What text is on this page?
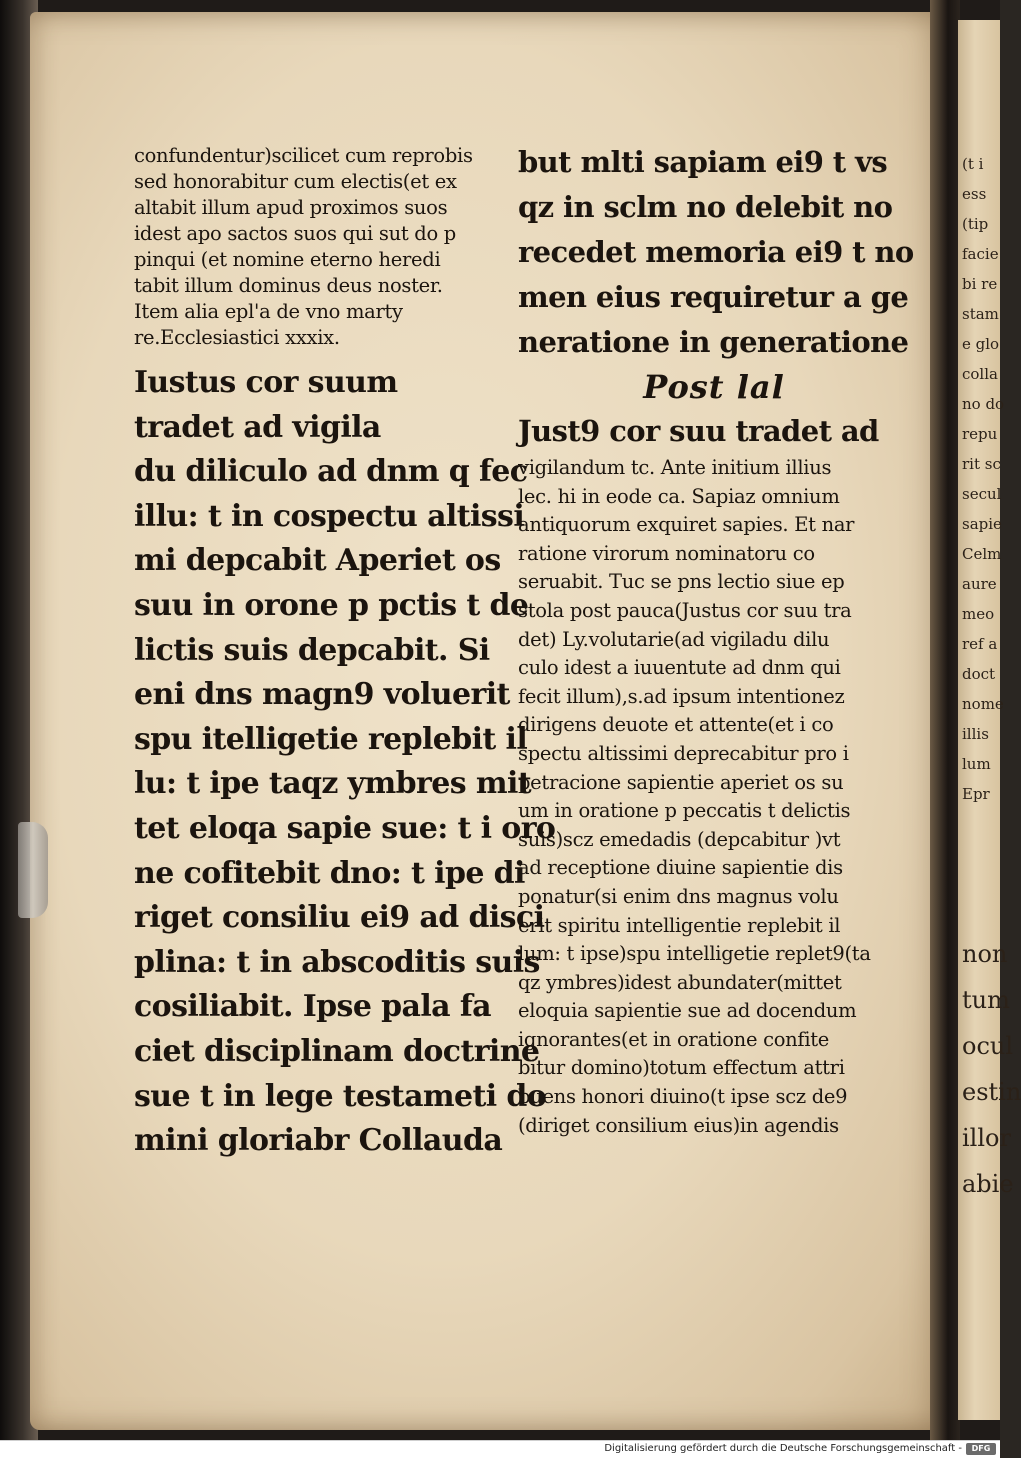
(t i
ess
(tip
facie
bi re
stam
e glo
colla
no do
repu
rit sc
secul
sapie
Celm
aure
meo
ref a
doct
nome
illis
lum
Epr
non
tum
ocul
estin
illor
abie
confundentur)scilicet cum reprobis
sed honorabitur cum electis(et ex
altabit illum apud proximos suos
idest apo sactos suos qui sut do p
pinqui (et nomine eterno heredi
tabit illum dominus deus noster.
Item alia epl'a de vno marty
re.Ecclesiastici xxxix.
Iustus cor suum
tradet ad vigila
du diliculo ad dnm q fec
illu: t in cospectu altissi
mi depcabit Aperiet os
suu in orone p pctis t de
lictis suis depcabit. Si
eni dns magn9 voluerit
spu itelligetie replebit il
lu: t ipe taqz ymbres mit
tet eloqa sapie sue: t i oro
ne cofitebit dno: t ipe di
riget consiliu ei9 ad disci
plina: t in abscoditis suis
cosiliabit. Ipse pala fa
ciet disciplinam doctrine
sue t in lege testameti do
mini gloriabr Collauda
but mlti sapiam ei9 t vs
qz in sclm no delebit no
recedet memoria ei9 t no
men eius requiretur a ge
neratione in generatione
Post lal
Just9 cor suu tradet ad
vigilandum tc. Ante initium illius
lec. hi in eode ca. Sapiaz omnium
antiquorum exquiret sapies. Et nar
ratione virorum nominatoru co
seruabit. Tuc se pns lectio siue ep
stola post pauca(Justus cor suu tra
det) Ly.volutarie(ad vigiladu dilu
culo idest a iuuentute ad dnm qui
fecit illum),s.ad ipsum intentionez
dirigens deuote et attente(et i co
spectu altissimi deprecabitur pro i
petracione sapientie aperiet os su
um in oratione p peccatis t delictis
suis)scz emedadis (depcabitur )vt
ad receptione diuine sapientie dis
ponatur(si enim dns magnus volu
erit spiritu intelligentie replebit il
lum: t ipse)spu intelligetie replet9(ta
qz ymbres)idest abundater(mittet
eloquia sapientie sue ad docendum
ignorantes(et in oratione confite
bitur domino)totum effectum attri
buens honori diuino(t ipse scz de9
(diriget consilium eius)in agendis
Digitalisierung gefördert durch die Deutsche Forschungsgemeinschaft -	DFG
